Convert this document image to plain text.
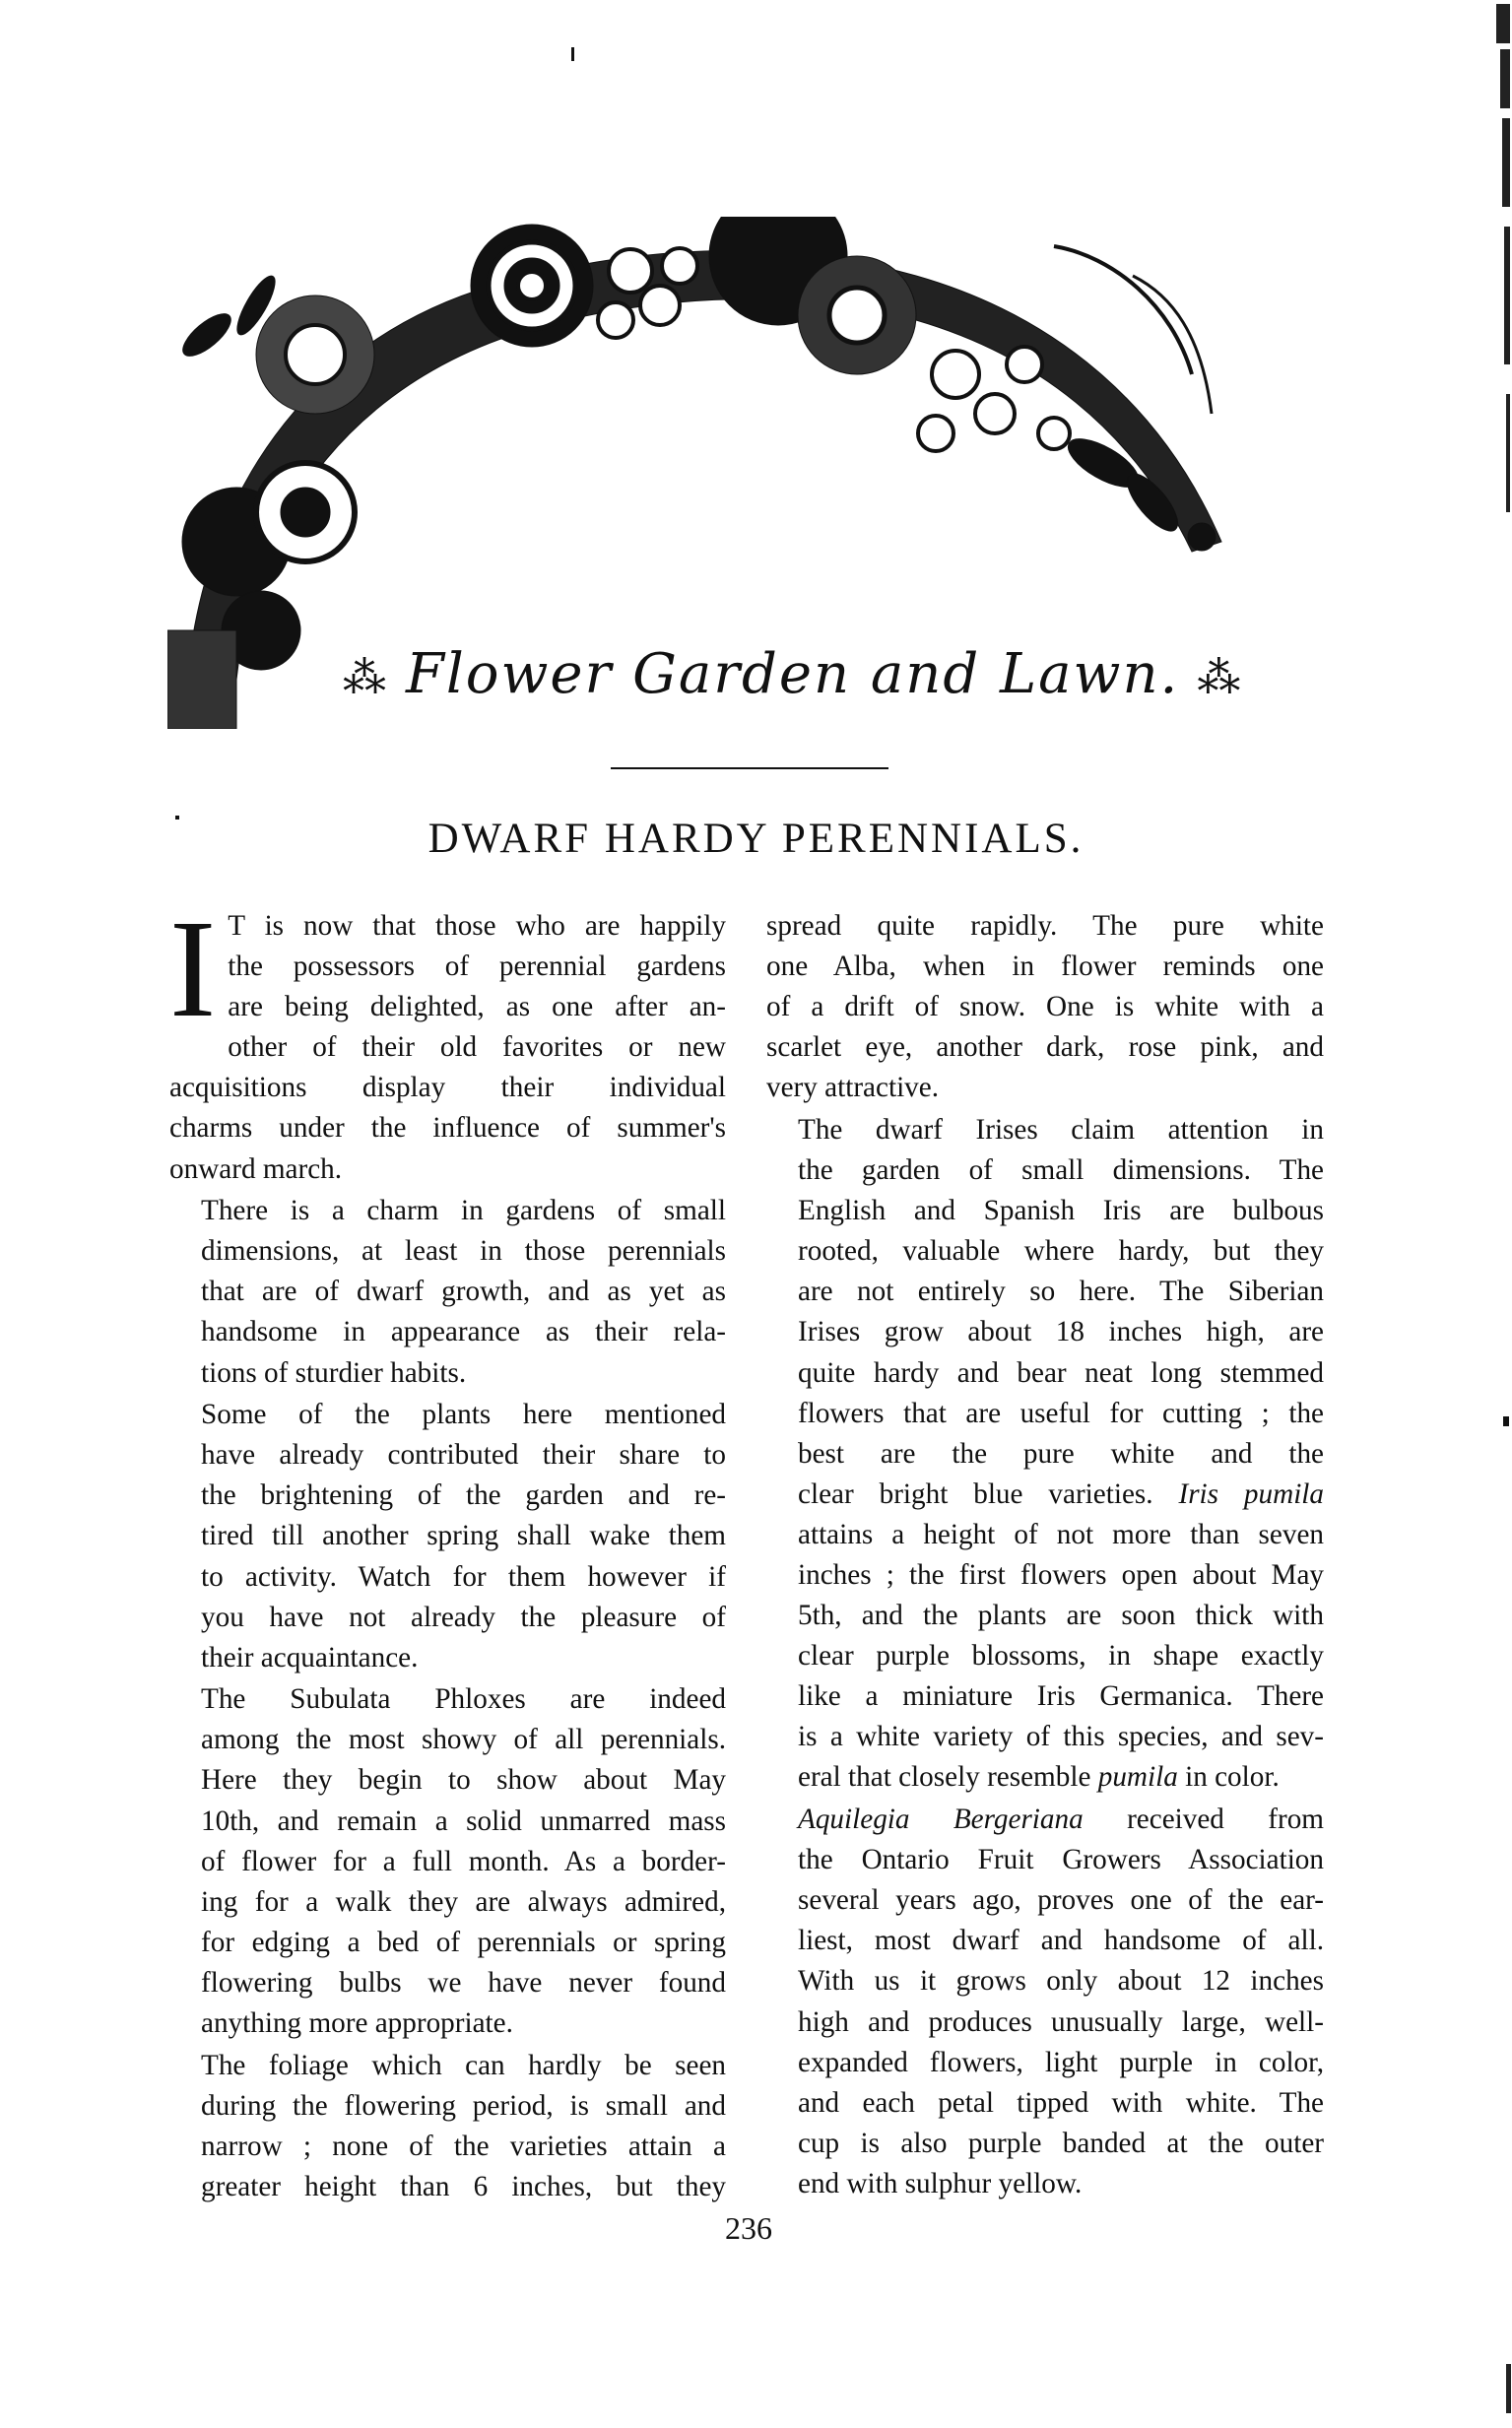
⁂ Flower Garden and Lawn. ⁂
DWARF HARDY PERENNIALS.

I T is now that those who are happily
the possessors of perennial gardens
are being delighted, as one after an-
other of their old favorites or new
acquisitions display their individual
charms under the influence of summer's
onward march.

There is a charm in gardens of small
dimensions, at least in those perennials
that are of dwarf growth, and as yet as
handsome in appearance as their rela-
tions of sturdier habits.

Some of the plants here mentioned
have already contributed their share to
the brightening of the garden and re-
tired till another spring shall wake them
to activity. Watch for them however if
you have not already the pleasure of
their acquaintance.

The Subulata Phloxes are indeed
among the most showy of all perennials.
Here they begin to show about May
10th, and remain a solid unmarred mass
of flower for a full month. As a border-
ing for a walk they are always admired,
for edging a bed of perennials or spring
flowering bulbs we have never found
anything more appropriate.

The foliage which can hardly be seen
during the flowering period, is small and
narrow ; none of the varieties attain a
greater height than 6 inches, but they

spread quite rapidly. The pure white
one Alba, when in flower reminds one
of a drift of snow. One is white with a
scarlet eye, another dark, rose pink, and
very attractive.

The dwarf Irises claim attention in
the garden of small dimensions. The
English and Spanish Iris are bulbous
rooted, valuable where hardy, but they
are not entirely so here. The Siberian
Irises grow about 18 inches high, are
quite hardy and bear neat long stemmed
flowers that are useful for cutting ; the
best are the pure white and the
clear bright blue varieties. Iris pumila
attains a height of not more than seven
inches ; the first flowers open about May
5th, and the plants are soon thick with
clear purple blossoms, in shape exactly
like a miniature Iris Germanica. There
is a white variety of this species, and sev-
eral that closely resemble pumila in color.

Aquilegia Bergeriana received from
the Ontario Fruit Growers Association
several years ago, proves one of the ear-
liest, most dwarf and handsome of all.
With us it grows only about 12 inches
high and produces unusually large, well-
expanded flowers, light purple in color,
and each petal tipped with white. The
cup is also purple banded at the outer
end with sulphur yellow.

236
